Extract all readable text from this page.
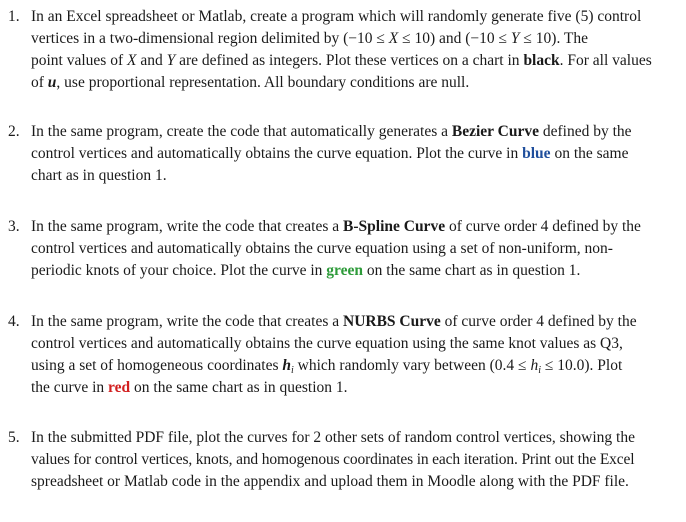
1. In an Excel spreadsheet or Matlab, create a program which will randomly generate five (5) control
vertices in a two-dimensional region delimited by (−10 ≤ X ≤ 10) and (−10 ≤ Y ≤ 10). The
point values of X and Y are defined as integers. Plot these vertices on a chart in black. For all values
of u, use proportional representation. All boundary conditions are null.
2. In the same program, create the code that automatically generates a Bezier Curve defined by the
control vertices and automatically obtains the curve equation. Plot the curve in blue on the same
chart as in question 1.
3. In the same program, write the code that creates a B-Spline Curve of curve order 4 defined by the
control vertices and automatically obtains the curve equation using a set of non-uniform, non-
periodic knots of your choice. Plot the curve in green on the same chart as in question 1.
4. In the same program, write the code that creates a NURBS Curve of curve order 4 defined by the
control vertices and automatically obtains the curve equation using the same knot values as Q3,
using a set of homogeneous coordinates $h_i$ which randomly vary between $(0.4 \le h_i \le 10.0)$. Plot
the curve in red on the same chart as in question 1.
5. In the submitted PDF file, plot the curves for 2 other sets of random control vertices, showing the
values for control vertices, knots, and homogenous coordinates in each iteration. Print out the Excel
spreadsheet or Matlab code in the appendix and upload them in Moodle along with the PDF file.
